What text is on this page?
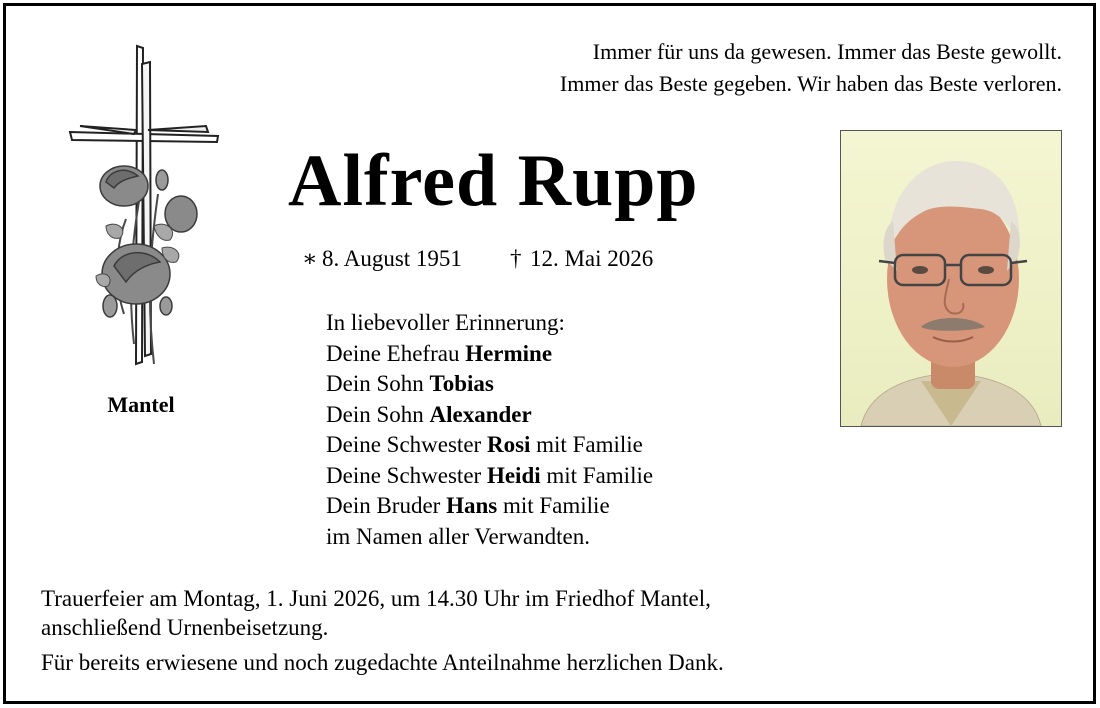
Immer für uns da gewesen. Immer das Beste gewollt.
Immer das Beste gegeben. Wir haben das Beste verloren.
Mantel
Alfred Rupp
∗ 8. August 1951 † 12. Mai 2026
In liebevoller Erinnerung:
Deine Ehefrau Hermine
Dein Sohn Tobias
Dein Sohn Alexander
Deine Schwester Rosi mit Familie
Deine Schwester Heidi mit Familie
Dein Bruder Hans mit Familie
im Namen aller Verwandten.
Trauerfeier am Montag, 1. Juni 2026, um 14.30 Uhr im Friedhof Mantel,
anschließend Urnenbeisetzung.
Für bereits erwiesene und noch zugedachte Anteilnahme herzlichen Dank.
